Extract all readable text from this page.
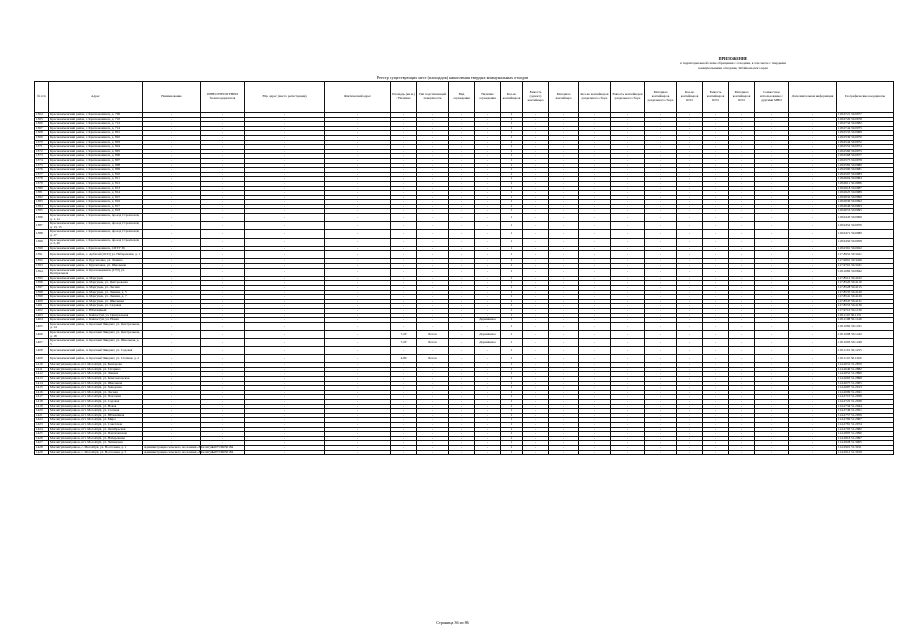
ПРИЛОЖЕНИЕ
к территориальной схеме обращения с отходами, в том числе с твердыми
коммунальными отходами, Забайкальского края
Реестр существующих мест (площадок) накопления твердых коммунальных отходов
№ п/п	Адрес	Наименование	ИНН/ОГРН/ОГРНИП балансодержателя	Юр. адрес (место регистрации)	Фактический адрес	Площадь (кв.м.) / Наличие	Тип подстилающей поверхности	Вид ограждения	Наличие ограждения	Кол-во контейнеров	Емкость (одного) контейнера	Материал контейнера	Кол-во контейнеров раздельного сбора	Емкость контейнеров раздельного сбора	Материал контейнеров раздельного сбора	Кол-во контейнеров КГО	Емкость контейнеров КГО	Материал контейнеров КГО	Совместное использование с другими МНО	Дополнительная информация	Географические координаты
1364	Краснокаменский район, г. Краснокаменск, д. 706	-	-	-	-	-	-	-	-	1	-	-	-	-	-	-	-	-	-	-	118.0721 50.0977
1365	Краснокаменский район, г. Краснокаменск, д. 710	-	-	-	-	-	-	-	-	1	-	-	-	-	-	-	-	-	-	-	118.0720 50.0978
1366	Краснокаменский район, г. Краснокаменск, д. 712	-	-	-	-	-	-	-	-	1	-	-	-	-	-	-	-	-	-	-	118.0734 50.0982
1367	Краснокаменский район, г. Краснокаменск, д. 714	-	-	-	-	-	-	-	-	1	-	-	-	-	-	-	-	-	-	-	118.0744 50.0975
1368	Краснокаменский район, г. Краснокаменск, д. 801	-	-	-	-	-	-	-	-	1	-	-	-	-	-	-	-	-	-	-	118.0533 50.0968
1369	Краснокаменский район, г. Краснокаменск, д. 802	-	-	-	-	-	-	-	-	1	-	-	-	-	-	-	-	-	-	-	118.0539 50.0970
1370	Краснокаменский район, г. Краснокаменск, д. 803	-	-	-	-	-	-	-	-	1	-	-	-	-	-	-	-	-	-	-	118.0544 50.0972
1371	Краснокаменский район, г. Краснокаменск, д. 804	-	-	-	-	-	-	-	-	1	-	-	-	-	-	-	-	-	-	-	118.0552 50.0974
1372	Краснокаменский район, г. Краснокаменск, д. 805	-	-	-	-	-	-	-	-	1	-	-	-	-	-	-	-	-	-	-	118.0560 50.0975
1373	Краснокаменский район, г. Краснокаменск, д. 806	-	-	-	-	-	-	-	-	1	-	-	-	-	-	-	-	-	-	-	118.0568 50.0977
1374	Краснокаменский район, г. Краснокаменск, д. 807	-	-	-	-	-	-	-	-	1	-	-	-	-	-	-	-	-	-	-	118.0575 50.0978
1375	Краснокаменский район, г. Краснокаменск, д. 808	-	-	-	-	-	-	-	-	1	-	-	-	-	-	-	-	-	-	-	118.0582 50.0980
1376	Краснокаменский район, г. Краснокаменск, д. 809	-	-	-	-	-	-	-	-	1	-	-	-	-	-	-	-	-	-	-	118.0590 50.0981
1377	Краснокаменский район, г. Краснокаменск, д. 810	-	-	-	-	-	-	-	-	1	-	-	-	-	-	-	-	-	-	-	118.0597 50.0983
1378	Краснокаменский район, г. Краснокаменск, д. 811	-	-	-	-	-	-	-	-	1	-	-	-	-	-	-	-	-	-	-	118.0604 50.0984
1379	Краснокаменский район, г. Краснокаменск, д. 812	-	-	-	-	-	-	-	-	1	-	-	-	-	-	-	-	-	-	-	118.0611 50.0986
1380	Краснокаменский район, г. Краснокаменск, д. 813	-	-	-	-	-	-	-	-	1	-	-	-	-	-	-	-	-	-	-	118.0618 50.0987
1381	Краснокаменский район, г. Краснокаменск, д. 814	-	-	-	-	-	-	-	-	1	-	-	-	-	-	-	-	-	-	-	118.0625 50.0989
1382	Краснокаменский район, г. Краснокаменск, д. 815	-	-	-	-	-	-	-	-	1	-	-	-	-	-	-	-	-	-	-	118.0632 50.0990
1383	Краснокаменский район, г. Краснокаменск, д. 816	-	-	-	-	-	-	-	-	1	-	-	-	-	-	-	-	-	-	-	118.0639 50.0992
1384	Краснокаменский район, г. Краснокаменск, д. 817	-	-	-	-	-	-	-	-	1	-	-	-	-	-	-	-	-	-	-	118.0646 50.0993
1385	Краснокаменский район, г. Краснокаменск, д. 818	-	-	-	-	-	-	-	-	1	-	-	-	-	-	-	-	-	-	-	118.0653 50.0995
1386	Краснокаменский район, г. Краснокаменск, проезд Строителей, д. 1, 1а	-	-	-	-	-	-	-	-	1	-	-	-	-	-	-	-	-	-	-	118.0443 50.0969
1387	Краснокаменский район, г. Краснокаменск, проезд Строителей, д. 13, 15	-	-	-	-	-	-	-	-	1	-	-	-	-	-	-	-	-	-	-	118.0452 50.0976
1388	Краснокаменский район, г. Краснокаменск, проезд Строителей, д. 17	-	-	-	-	-	-	-	-	1	-	-	-	-	-	-	-	-	-	-	118.0471 50.0980
1389	Краснокаменский район, г. Краснокаменск, проезд Строителей, д. 2, 4б	-	-	-	-	-	-	-	-	1	-	-	-	-	-	-	-	-	-	-	118.0450 50.0958
1390	Краснокаменский район, г. Краснокаменск, СПТУ 36	-	-	-	-	-	-	-	-	1	-	-	-	-	-	-	-	-	-	-	118.0391 50.0922
1391	Краснокаменский район, с. Арбагай (ОСП) ул. Набережная, д. 1	-	-	-	-	-	-	-	-	1	-	-	-	-	-	-	-	-	-	-	117.8952 50.3421
1392	Краснокаменский район, п. Брусиловка, ул. Ленина	-	-	-	-	-	-	-	-	1	-	-	-	-	-	-	-	-	-	-	117.9691 50.3426
1393	Краснокаменский район, с. Брусиловка, ул. Школьная	-	-	-	-	-	-	-	-	1	-	-	-	-	-	-	-	-	-	-	117.9701 50.3431
1394	Краснокаменский район, п. Краснокаменск (СТТ) ул. Центральная	-	-	-	-	-	-	-	-	1	-	-	-	-	-	-	-	-	-	-	118.1082 50.0842
1395	Краснокаменский район, п. Маргуцек	-	-	-	-	-	-	-	-	1	-	-	-	-	-	-	-	-	-	-	117.8512 50.4102
1396	Краснокаменский район, п. Маргуцек, ул. Центральная	-	-	-	-	-	-	-	-	1	-	-	-	-	-	-	-	-	-	-	117.8520 50.4110
1397	Краснокаменский район, п. Маргуцек, ул. Лесная	-	-	-	-	-	-	-	-	1	-	-	-	-	-	-	-	-	-	-	117.8528 50.4115
1398	Краснокаменский район, п. Маргуцек, ул. Ленина, д. 5	-	-	-	-	-	-	-	-	1	-	-	-	-	-	-	-	-	-	-	117.8535 50.4120
1399	Краснокаменский район, п. Маргуцек, ул. Ленина, д. 7	-	-	-	-	-	-	-	-	1	-	-	-	-	-	-	-	-	-	-	117.8541 50.4126
1400	Краснокаменский район, п. Маргуцек, ул. Школьная	-	-	-	-	-	-	-	-	1	-	-	-	-	-	-	-	-	-	-	117.8547 50.4131
1401	Краснокаменский район, п. Маргуцек, ул. Садовая	-	-	-	-	-	-	-	-	1	-	-	-	-	-	-	-	-	-	-	117.8553 50.4136
1402	Краснокаменский район, с. Юбилейный	-	-	-	-	-	-	-	-	1	-	-	-	-	-	-	-	-	-	-	117.9710 50.1130
1403	Краснокаменский район, с. Кайластуй, ул. Центральная	-	-	-	-	-	-	-	-	1	-	-	-	-	-	-	-	-	-	-	118.1110 50.1151
1404	Краснокаменский район, с. Кайластуй, ул. Новая	-	-	-	-	-	-	-	Деревянное	1	-	-	-	-	-	-	-	-	-	-	118.1108 50.1149
1405	Краснокаменский район, п. Красный Чиндант, ул. Центральная, д. 14	-	-	-	-	-	-	-	-	1	-	-	-	-	-	-	-	-	-	-	118.1082 50.1231
1406	Краснокаменский район, п. Красный Чиндант, ул. Центральная, д. 18	-	-	-	-	7,20	Бетон	-	Деревянное	1	-	-	-	-	-	-	-	-	-	-	118.1098 50.1242
1407	Краснокаменский район, п. Красный Чиндант, ул. Школьная, д. 5	-	-	-	-	7,20	Бетон	-	Деревянное	1	-	-	-	-	-	-	-	-	-	-	118.1093 50.1249
1408	Краснокаменский район, п. Красный Чиндант, ул. Садовая	-	-	-	-	-	-	-	-	1	-	-	-	-	-	-	-	-	-	-	118.1101 50.1255
1409	Краснокаменский район, п. Красный Чиндант, ул. Степная, д. 2	-	-	-	-	4,80	Бетон	-	-	1	-	-	-	-	-	-	-	-	-	-	118.1110 50.1260
1410	Могойтуйский район, пгт. Могойтуй, ул. Банзарова	-	-	-	-	-	-	-	-	1	-	-	-	-	-	-	-	-	-	-	114.2631 51.2870
1411	Могойтуйский район, пгт. Могойтуй, ул. Гагарина	-	-	-	-	-	-	-	-	1	-	-	-	-	-	-	-	-	-	-	114.2640 51.2882
1412	Могойтуйский район, пгт. Могойтуй, ул. Ленина	-	-	-	-	-	-	-	-	1	-	-	-	-	-	-	-	-	-	-	114.2652 51.2890
1413	Могойтуйский район, пгт. Могойтуй, ул. Комсомольская	-	-	-	-	-	-	-	-	1	-	-	-	-	-	-	-	-	-	-	114.2663 51.2898
1414	Могойтуйский район, пгт. Могойтуй, ул. Школьная	-	-	-	-	-	-	-	-	1	-	-	-	-	-	-	-	-	-	-	114.2675 51.2905
1415	Могойтуйский район, пгт. Могойтуй, ул. Заводская	-	-	-	-	-	-	-	-	1	-	-	-	-	-	-	-	-	-	-	114.2687 51.2913
1416	Могойтуйский район, пгт. Могойтуй, ул. Лесная	-	-	-	-	-	-	-	-	1	-	-	-	-	-	-	-	-	-	-	114.2699 51.2921
1417	Могойтуйский район, пгт. Могойтуй, ул. Почтовая	-	-	-	-	-	-	-	-	1	-	-	-	-	-	-	-	-	-	-	114.2710 51.2928
1418	Могойтуйский район, пгт. Могойтуй, ул. Садовая	-	-	-	-	-	-	-	-	1	-	-	-	-	-	-	-	-	-	-	114.2722 51.2936
1419	Могойтуйский район, пгт. Могойтуй, ул. Новая	-	-	-	-	-	-	-	-	1	-	-	-	-	-	-	-	-	-	-	114.2734 51.2944
1420	Могойтуйский район, пгт. Могойтуй, ул. Степная	-	-	-	-	-	-	-	-	1	-	-	-	-	-	-	-	-	-	-	114.2746 51.2951
1421	Могойтуйский район, пгт. Могойтуй, ул. Юбилейная	-	-	-	-	-	-	-	-	1	-	-	-	-	-	-	-	-	-	-	114.2757 51.2959
1422	Могойтуйский район, пгт. Могойтуй, ул. Мира	-	-	-	-	-	-	-	-	1	-	-	-	-	-	-	-	-	-	-	114.2769 51.2967
1423	Могойтуйский район, пгт. Могойтуй, ул. Советская	-	-	-	-	-	-	-	-	1	-	-	-	-	-	-	-	-	-	-	114.2781 51.2974
1424	Могойтуйский район, пгт. Могойтуй, ул. Октябрьская	-	-	-	-	-	-	-	-	1	-	-	-	-	-	-	-	-	-	-	114.2793 51.2982
1425	Могойтуйский район, пгт. Могойтуй, ул. Партизанская	-	-	-	-	-	-	-	-	1	-	-	-	-	-	-	-	-	-	-	114.2805 51.2990
1426	Могойтуйский район, пгт. Могойтуй, ул. Набережная	-	-	-	-	-	-	-	-	1	-	-	-	-	-	-	-	-	-	-	114.2816 51.2997
1427	Могойтуйский район, пгт. Могойтуй, ул. Читинская	-	-	-	-	-	-	-	-	1	-	-	-	-	-	-	-	-	-	-	114.2828 51.3005
1428	Могойтуйский район, с. Могойтуй, ул. Восточная, д. 1	Администрация сельского поселения «Могойтуй»	1167536050184	-	-	-	-	-	-	1	-	-	-	-	-	-	-	-	-	-	114.2901 51.3011
1429	Могойтуйский район, с. Могойтуй, ул. Восточная, д. 5	Администрация сельского поселения «Могойтуй»	1167536050184	-	-	-	-	-	-	1	-	-	-	-	-	-	-	-	-	-	114.2912 51.3018
Страница 36 из 86
